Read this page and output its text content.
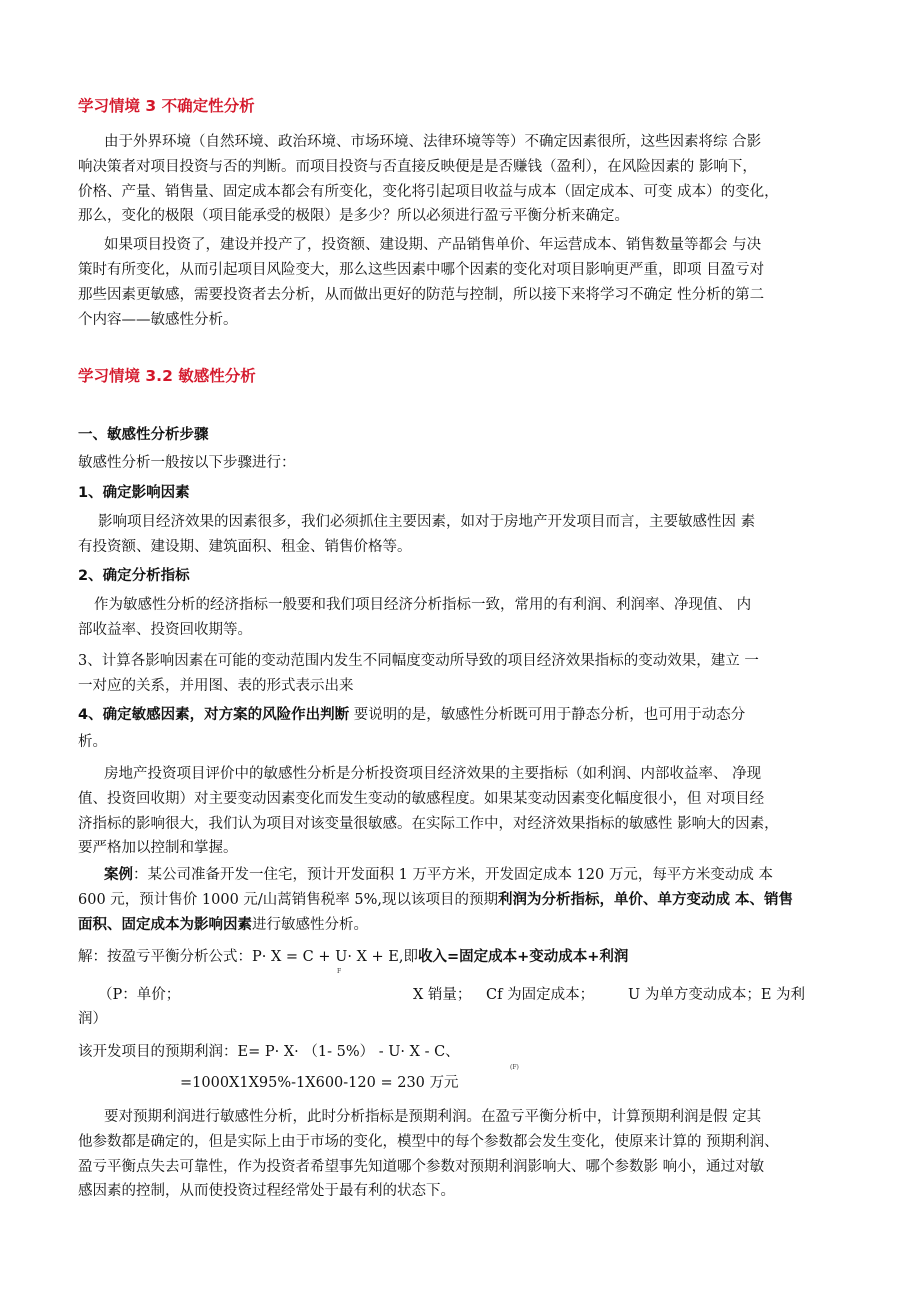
学习情境 3 不确定性分析
由于外界环境（自然环境、政治环境、市场环境、法律环境等等）不确定因素很所，这些因素将综 合影
响决策者对项目投资与否的判断。而项目投资与否直接反映便是是否赚钱（盈利），在风险因素的 影响下，
价格、产量、销售量、固定成本都会有所变化，变化将引起项目收益与成本（固定成本、可变 成本）的变化，
那么，变化的极限（项目能承受的极限）是多少？所以必须进行盈亏平衡分析来确定。
如果项目投资了，建设并投产了，投资额、建设期、产品销售单价、年运营成本、销售数量等都会 与决
策时有所变化，从而引起项目风险变大，那么这些因素中哪个因素的变化对项目影响更严重，即项 目盈亏对
那些因素更敏感，需要投资者去分析，从而做出更好的防范与控制，所以接下来将学习不确定 性分析的第二
个内容——敏感性分析。
学习情境 3.2 敏感性分析
一、敏感性分析步骤
敏感性分析一般按以下步骤进行：
1、确定影响因素
影响项目经济效果的因素很多，我们必须抓住主要因素，如对于房地产开发项目而言，主要敏感性因 素
有投资额、建设期、建筑面积、租金、销售价格等。
2、确定分析指标
作为敏感性分析的经济指标一般要和我们项目经济分析指标一致，常用的有利润、利润率、净现值、 内
部收益率、投资回收期等。
3、计算各影响因素在可能的变动范围内发生不同幅度变动所导致的项目经济效果指标的变动效果，建立 一
一对应的关系，并用图、表的形式表示出来
4、确定敏感因素，对方案的风险作出判断 要说明的是，敏感性分析既可用于静态分析，也可用于动态分
析。
房地产投资项目评价中的敏感性分析是分析投资项目经济效果的主要指标（如利润、内部收益率、 净现
值、投资回收期）对主要变动因素变化而发生变动的敏感程度。如果某变动因素变化幅度很小，但 对项目经
济指标的影响很大，我们认为项目对该变量很敏感。在实际工作中，对经济效果指标的敏感性 影响大的因素，
要严格加以控制和掌握。
案例：某公司准备开发一住宅，预计开发面积 1 万平方米，开发固定成本 120 万元，每平方米变动成 本
600 元，预计售价 1000 元/山蒿销售税率 5%,现以该项目的预期利润为分析指标，单价、单方变动成 本、销售
面积、固定成本为影响因素进行敏感性分析。
解：按盈亏平衡分析公式：P· X = C + U· X + E,即收入=固定成本+变动成本+利润
F
（P：单价；	X 销量； Cf 为固定成本； U 为单方变动成本；E 为利
润）
该开发项目的预期利润：E= P· X· （1- 5%） - U· X - C、
(F)
=1000X1X95%-1X600-120 = 230 万元
要对预期利润进行敏感性分析，此时分析指标是预期利润。在盈亏平衡分析中，计算预期利润是假 定其
他参数都是确定的，但是实际上由于市场的变化，模型中的每个参数都会发生变化，使原来计算的 预期利润、
盈亏平衡点失去可靠性，作为投资者希望事先知道哪个参数对预期利润影响大、哪个参数影 响小，通过对敏
感因素的控制，从而使投资过程经常处于最有利的状态下。
